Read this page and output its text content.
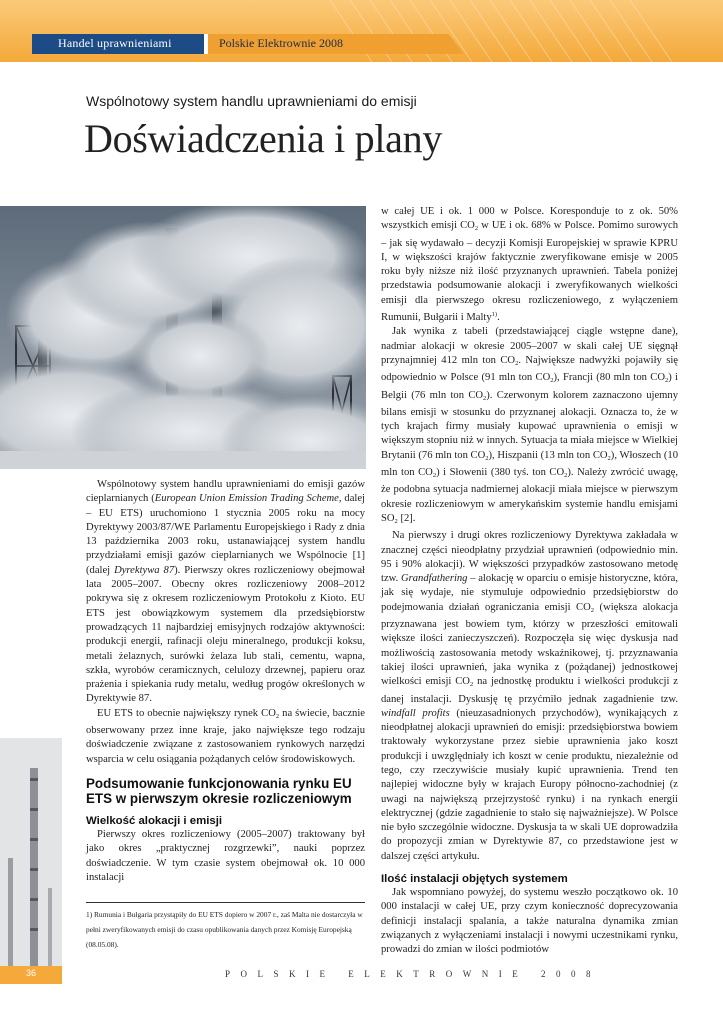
Handel uprawnieniami	Polskie Elektrownie 2008
Wspólnotowy system handlu uprawnieniami do emisji
Doświadczenia i plany

Wspólnotowy system handlu uprawnieniami do emisji gazów cieplarnianych (European Union Emission Trading Scheme, dalej – EU ETS) uruchomiono 1 stycznia 2005 roku na mocy Dyrektywy 2003/87/WE Parlamentu Europejskiego i Rady z dnia 13 października 2003 roku, ustanawiającej system handlu przydziałami emisji gazów cieplarnianych we Wspólnocie [1] (dalej Dyrektywa 87). Pierwszy okres rozliczeniowy obejmował lata 2005–2007. Obecny okres rozliczeniowy 2008–2012 pokrywa się z okresem rozliczeniowym Protokołu z Kioto. EU ETS jest obowiązkowym systemem dla przedsiębiorstw prowadzących 11 najbardziej emisyjnych rodzajów aktywności: produkcji energii, rafinacji oleju mineralnego, produkcji koksu, metali żelaznych, surówki żelaza lub stali, cementu, wapna, szkła, wyrobów ceramicznych, celulozy drzewnej, papieru oraz prażenia i spiekania rudy metalu, według progów określonych w Dyrektywie 87.

EU ETS to obecnie największy rynek $CO_2$ na świecie, bacznie obserwowany przez inne kraje, jako największe tego rodzaju doświadczenie związane z zastosowaniem rynkowych narzędzi wsparcia w celu osiągania pożądanych celów środowiskowych.

Podsumowanie funkcjonowania rynku EU ETS w pierwszym okresie rozliczeniowym
Wielkość alokacji i emisji

Pierwszy okres rozliczeniowy (2005–2007) traktowany był jako okres „praktycznej rozgrzewki”, nauki poprzez doświadczenie. W tym czasie system obejmował ok. 10 000 instalacji

1) Rumunia i Bułgaria przystąpiły do EU ETS dopiero w 2007 r., zaś Malta nie dostarczyła w pełni zweryfikowanych emisji do czasu opublikowania danych przez Komisję Europejską (08.05.08).

w całej UE i ok. 1 000 w Polsce. Koresponduje to z ok. 50% wszystkich emisji $CO_2$ w UE i ok. 68% w Polsce. Pomimo surowych – jak się wydawało – decyzji Komisji Europejskiej w sprawie KPRU I, w większości krajów faktycznie zweryfikowane emisje w 2005 roku były niższe niż ilość przyznanych uprawnień. Tabela poniżej przedstawia podsumowanie alokacji i zweryfikowanych wielkości emisji dla pierwszego okresu rozliczeniowego, z wyłączeniem Rumunii, Bułgarii i Malty$^{1)}$.

Jak wynika z tabeli (przedstawiającej ciągle wstępne dane), nadmiar alokacji w okresie 2005–2007 w skali całej UE sięgnął przynajmniej 412 mln ton $CO_2$. Największe nadwyżki pojawiły się odpowiednio w Polsce (91 mln ton $CO_2$), Francji (80 mln ton $CO_2$) i Belgii (76 mln ton $CO_2$). Czerwonym kolorem zaznaczono ujemny bilans emisji w stosunku do przyznanej alokacji. Oznacza to, że w tych krajach firmy musiały kupować uprawnienia o emisji w większym stopniu niż w innych. Sytuacja ta miała miejsce w Wielkiej Brytanii (76 mln ton $CO_2$), Hiszpanii (13 mln ton $CO_2$), Włoszech (10 mln ton $CO_2$) i Słowenii (380 tyś. ton $CO_2$). Należy zwrócić uwagę, że podobna sytuacja nadmiernej alokacji miała miejsce w pierwszym okresie rozliczeniowym w amerykańskim systemie handlu emisjami $SO_2$ [2].

Na pierwszy i drugi okres rozliczeniowy Dyrektywa zakładała w znacznej części nieodpłatny przydział uprawnień (odpowiednio min. 95 i 90% alokacji). W większości przypadków zastosowano metodę tzw. Grandfathering – alokację w oparciu o emisje historyczne, która, jak się wydaje, nie stymuluje odpowiednio przedsiębiorstw do podejmowania działań ograniczania emisji $CO_2$ (większa alokacja przyznawana jest bowiem tym, którzy w przeszłości emitowali większe ilości zanieczyszczeń). Rozpoczęła się więc dyskusja nad możliwością zastosowania metody wskaźnikowej, tj. przyznawania takiej ilości uprawnień, jaka wynika z (pożądanej) jednostkowej wielkości emisji $CO_2$ na jednostkę produktu i wielkości produkcji z danej instalacji. Dyskusję tę przyćmiło jednak zagadnienie tzw. windfall profits (nieuzasadnionych przychodów), wynikających z nieodpłatnej alokacji uprawnień do emisji: przedsiębiorstwa bowiem traktowały wykorzystane przez siebie uprawnienia jako koszt produkcji i uwzględniały ich koszt w cenie produktu, niezależnie od tego, czy rzeczywiście musiały kupić uprawnienia. Trend ten najlepiej widoczne były w krajach Europy północno-zachodniej (z uwagi na największą przejrzystość rynku) i na rynkach energii elektrycznej (gdzie zagadnienie to stało się najważniejsze). W Polsce nie było szczególnie widoczne. Dyskusja ta w skali UE doprowadziła do propozycji zmian w Dyrektywie 87, co przedstawione jest w dalszej części artykułu.

Ilość instalacji objętych systemem

Jak wspomniano powyżej, do systemu weszło początkowo ok. 10 000 instalacji w całej UE, przy czym konieczność doprecyzowania definicji instalacji spalania, a także naturalna dynamika zmian związanych z wyłączeniami instalacji i nowymi uczestnikami rynku, prowadzi do zmian w ilości podmiotów

36	POLSKIE ELEKTROWNIE 2008
